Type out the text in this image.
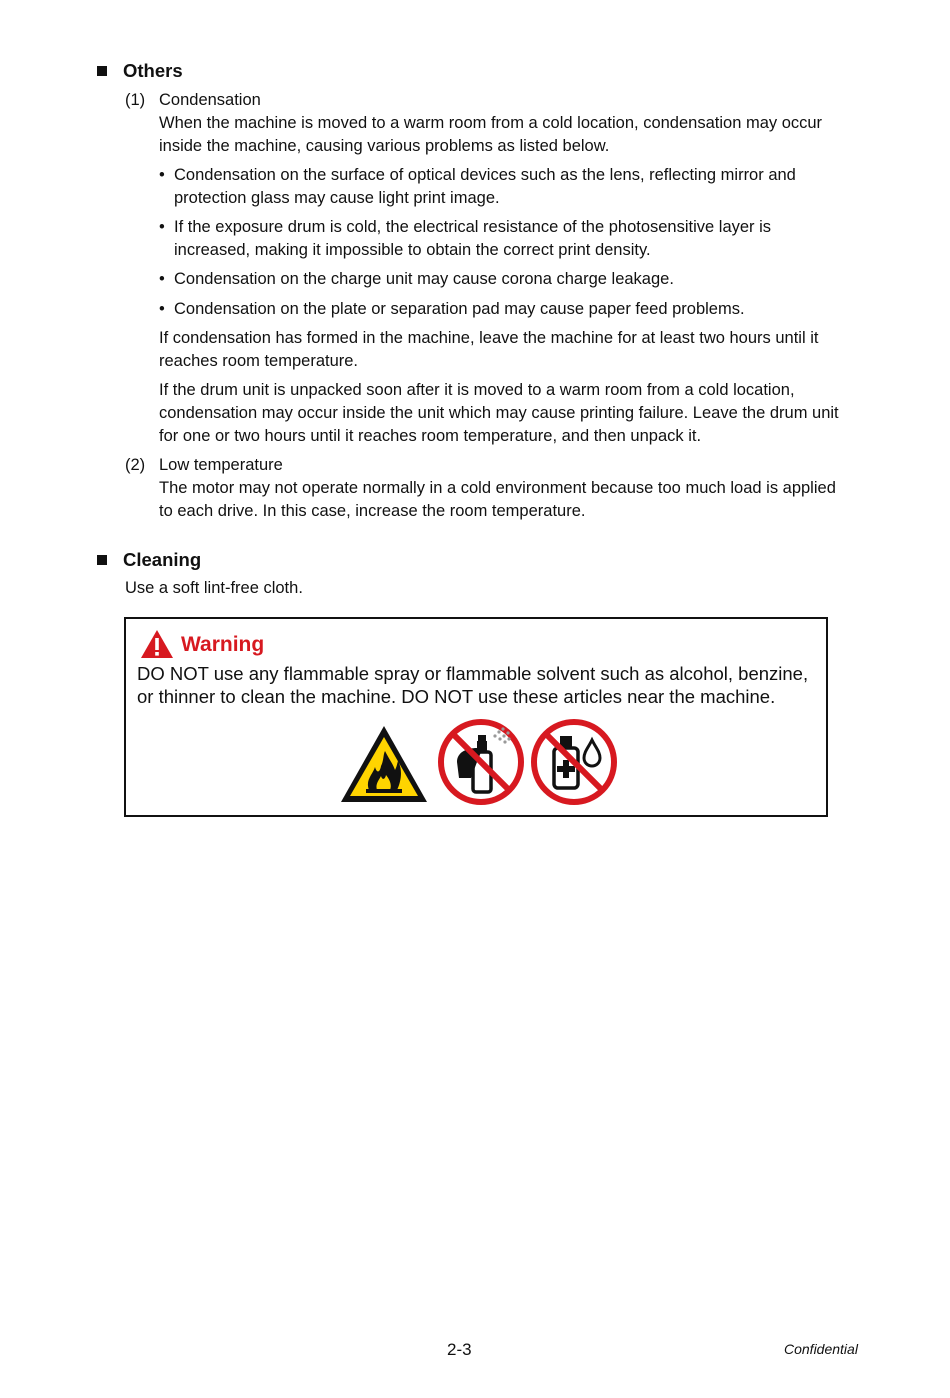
Others
(1) Condensation
When the machine is moved to a warm room from a cold location, condensation may occur inside the machine, causing various problems as listed below.
• Condensation on the surface of optical devices such as the lens, reflecting mirror and protection glass may cause light print image.
• If the exposure drum is cold, the electrical resistance of the photosensitive layer is increased, making it impossible to obtain the correct print density.
• Condensation on the charge unit may cause corona charge leakage.
• Condensation on the plate or separation pad may cause paper feed problems.
If condensation has formed in the machine, leave the machine for at least two hours until it reaches room temperature.
If the drum unit is unpacked soon after it is moved to a warm room from a cold location, condensation may occur inside the unit which may cause printing failure. Leave the drum unit for one or two hours until it reaches room temperature, and then unpack it.
(2) Low temperature
The motor may not operate normally in a cold environment because too much load is applied to each drive. In this case, increase the room temperature.
Cleaning
Use a soft lint-free cloth.
Warning
DO NOT use any flammable spray or flammable solvent such as alcohol, benzine, or thinner to clean the machine. DO NOT use these articles near the machine.
2-3	Confidential
